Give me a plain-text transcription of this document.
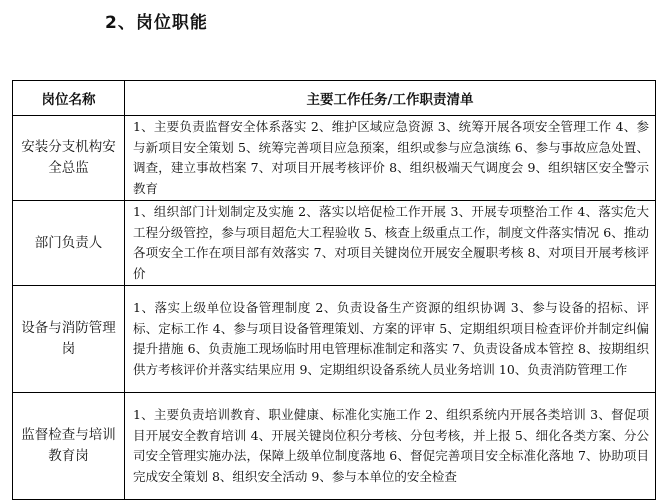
2、岗位职能
岗位名称	主要工作任务/工作职责清单
安装分支机构安全总监	1、主要负责监督安全体系落实 2、维护区域应急资源 3、统筹开展各项安全管理工作 4、参与新项目安全策划 5、统筹完善项目应急预案，组织或参与应急演练 6、参与事故应急处置、调查，建立事故档案 7、对项目开展考核评价 8、组织极端天气调度会 9、组织辖区安全警示教育
部门负责人	1、组织部门计划制定及实施 2、落实以培促检工作开展 3、开展专项整治工作 4、落实危大工程分级管控，参与项目超危大工程验收 5、核查上级重点工作，制度文件落实情况 6、推动各项安全工作在项目部有效落实 7、对项目关键岗位开展安全履职考核 8、对项目开展考核评价
设备与消防管理岗	1、落实上级单位设备管理制度 2、负责设备生产资源的组织协调 3、参与设备的招标、评标、定标工作 4、参与项目设备管理策划、方案的评审 5、定期组织项目检查评价并制定纠偏提升措施 6、负责施工现场临时用电管理标准制定和落实 7、负责设备成本管控 8、按期组织供方考核评价并落实结果应用 9、定期组织设备系统人员业务培训 10、负责消防管理工作
监督检查与培训教育岗	1、主要负责培训教育、职业健康、标准化实施工作 2、组织系统内开展各类培训 3、督促项目开展安全教育培训 4、开展关键岗位积分考核、分包考核，并上报 5、细化各类方案、分公司安全管理实施办法，保障上级单位制度落地 6、督促完善项目安全标准化落地 7、协助项目完成安全策划 8、组织安全活动 9、参与本单位的安全检查
